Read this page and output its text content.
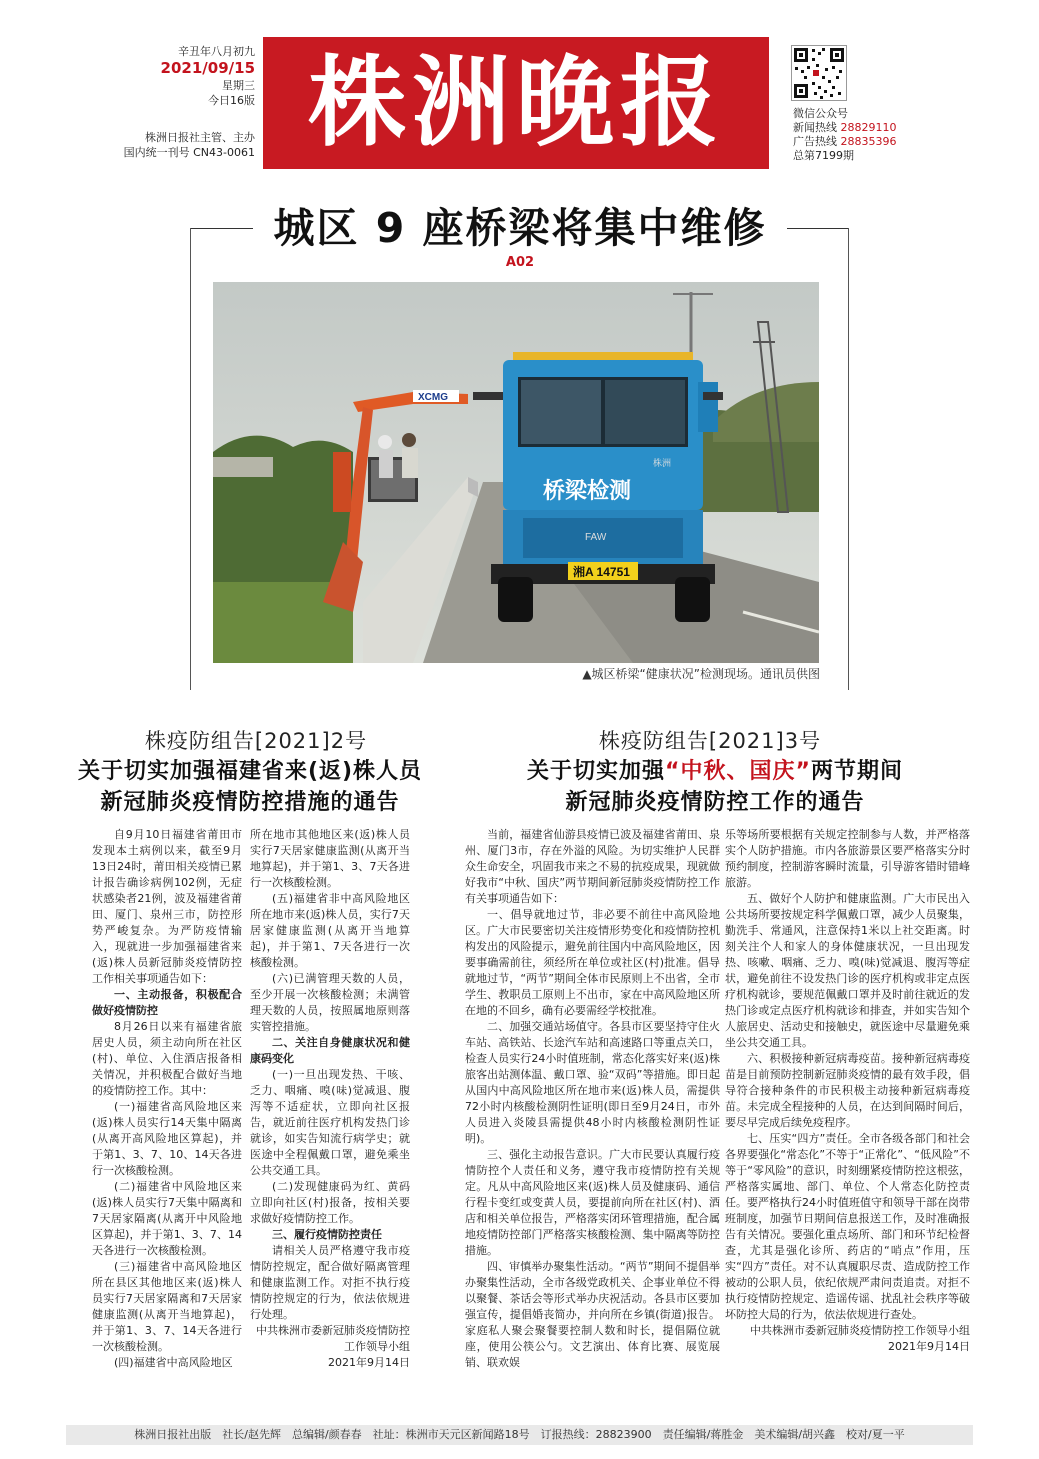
辛丑年八月初九
2021/09/15
星期三
今日16版
株洲日报社主管、主办
国内统一刊号 CN43-0061 株洲晚报	微信公众号
新闻热线 28829110
广告热线 28835396
总第7199期
城区 9 座桥梁将集中维修
A02
XCMG
桥梁检测
株洲
FAW
湘A 14751
▲城区桥梁“健康状况”检测现场。通讯员供图
株疫防组告[2021]2号
关于切实加强福建省来(返)株人员
新冠肺炎疫情防控措施的通告

自9月10日福建省莆田市发现本土病例以来，截至9月13日24时，莆田相关疫情已累计报告确诊病例102例，无症状感染者21例，波及福建省莆田、厦门、泉州三市，防控形势严峻复杂。为严防疫情输入，现就进一步加强福建省来(返)株人员新冠肺炎疫情防控工作相关事项通告如下：

一、主动报备，积极配合做好疫情防控

8月26日以来有福建省旅居史人员，须主动向所在社区(村)、单位、入住酒店报备相关情况，并积极配合做好当地的疫情防控工作。其中：

(一)福建省高风险地区来(返)株人员实行14天集中隔离(从离开高风险地区算起)，并于第1、3、7、10、14天各进行一次核酸检测。

(二)福建省中风险地区来(返)株人员实行7天集中隔离和7天居家隔离(从离开中风险地区算起)，并于第1、3、7、14天各进行一次核酸检测。

(三)福建省中高风险地区所在县区其他地区来(返)株人员实行7天居家隔离和7天居家健康监测(从离开当地算起)，并于第1、3、7、14天各进行一次核酸检测。

(四)福建省中高风险地区

所在地市其他地区来(返)株人员实行7天居家健康监测(从离开当地算起)，并于第1、3、7天各进行一次核酸检测。

(五)福建省非中高风险地区所在地市来(返)株人员，实行7天居家健康监测(从离开当地算起)，并于第1、7天各进行一次核酸检测。

(六)已满管理天数的人员，至少开展一次核酸检测；未满管理天数的人员，按照属地原则落实管控措施。

二、关注自身健康状况和健康码变化

(一)一旦出现发热、干咳、乏力、咽痛、嗅(味)觉减退、腹泻等不适症状，立即向社区报告，就近前往医疗机构发热门诊就诊，如实告知流行病学史；就医途中全程佩戴口罩，避免乘坐公共交通工具。

(二)发现健康码为红、黄码立即向社区(村)报备，按相关要求做好疫情防控工作。

三、履行疫情防控责任

请相关人员严格遵守我市疫情防控规定，配合做好隔离管理和健康监测工作。对拒不执行疫情防控规定的行为，依法依规进行处理。

中共株洲市委新冠肺炎疫情防控工作领导小组

2021年9月14日

株疫防组告[2021]3号
关于切实加强“中秋、国庆”两节期间
新冠肺炎疫情防控工作的通告

当前，福建省仙游县疫情已波及福建省莆田、泉州、厦门3市，存在外溢的风险。为切实维护人民群众生命安全，巩固我市来之不易的抗疫成果，现就做好我市“中秋、国庆”两节期间新冠肺炎疫情防控工作有关事项通告如下：

一、倡导就地过节，非必要不前往中高风险地区。广大市民要密切关注疫情形势变化和疫情防控机构发出的风险提示，避免前往国内中高风险地区，因要事确需前往，须经所在单位或社区(村)批准。倡导就地过节，“两节”期间全体市民原则上不出省，全市学生、教职员工原则上不出市，家在中高风险地区所在地的不回乡，确有必要需经学校批准。

二、加强交通站场值守。各县市区要坚持守住火车站、高铁站、长途汽车站和高速路口等重点关口，检查人员实行24小时值班制，常态化落实好来(返)株旅客出站测体温、戴口罩、验“双码”等措施。即日起从国内中高风险地区所在地市来(返)株人员，需提供72小时内核酸检测阴性证明(即日至9月24日，市外人员进入炎陵县需提供48小时内核酸检测阴性证明)。

三、强化主动报告意识。广大市民要认真履行疫情防控个人责任和义务，遵守我市疫情防控有关规定。凡从中高风险地区来(返)株人员及健康码、通信行程卡变红或变黄人员，要提前向所在社区(村)、酒店和相关单位报告，严格落实闭环管理措施，配合属地疫情防控部门严格落实核酸检测、集中隔离等防控措施。

四、审慎举办聚集性活动。“两节”期间不提倡举办聚集性活动，全市各级党政机关、企事业单位不得以聚餐、茶话会等形式举办庆祝活动。各县市区要加强宣传，提倡婚丧简办，并向所在乡镇(街道)报告。家庭私人聚会聚餐要控制人数和时长，提倡隔位就座，使用公筷公勺。文艺演出、体育比赛、展览展销、联欢娱

乐等场所要根据有关规定控制参与人数，并严格落实个人防护措施。市内各旅游景区要严格落实分时预约制度，控制游客瞬时流量，引导游客错时错峰旅游。

五、做好个人防护和健康监测。广大市民出入公共场所要按规定科学佩戴口罩，减少人员聚集，勤洗手、常通风，注意保持1米以上社交距离。时刻关注个人和家人的身体健康状况，一旦出现发热、咳嗽、咽痛、乏力、嗅(味)觉减退、腹泻等症状，避免前往不设发热门诊的医疗机构或非定点医疗机构就诊，要规范佩戴口罩并及时前往就近的发热门诊或定点医疗机构就诊和排查，并如实告知个人旅居史、活动史和接触史，就医途中尽量避免乘坐公共交通工具。

六、积极接种新冠病毒疫苗。接种新冠病毒疫苗是目前预防控制新冠肺炎疫情的最有效手段，倡导符合接种条件的市民积极主动接种新冠病毒疫苗。未完成全程接种的人员，在达到间隔时间后，要尽早完成后续免疫程序。

七、压实“四方”责任。全市各级各部门和社会各界要强化“常态化”不等于“正常化”、“低风险”不等于“零风险”的意识，时刻绷紧疫情防控这根弦，严格落实属地、部门、单位、个人常态化防控责任。要严格执行24小时值班值守和领导干部在岗带班制度，加强节日期间信息报送工作，及时准确报告有关情况。要强化重点场所、部门和环节纪检督查，尤其是强化诊所、药店的“哨点”作用，压实“四方”责任。对不认真履职尽责、造成防控工作被动的公职人员，依纪依规严肃问责追责。对拒不执行疫情防控规定、造谣传谣、扰乱社会秩序等破坏防控大局的行为，依法依规进行查处。

中共株洲市委新冠肺炎疫情防控工作领导小组

2021年9月14日

株洲日报社出版　社长/赵先辉　总编辑/颜春春　社址：株洲市天元区新闻路18号　订报热线：28823900　责任编辑/蒋胜金　美术编辑/胡兴鑫　校对/夏一平
